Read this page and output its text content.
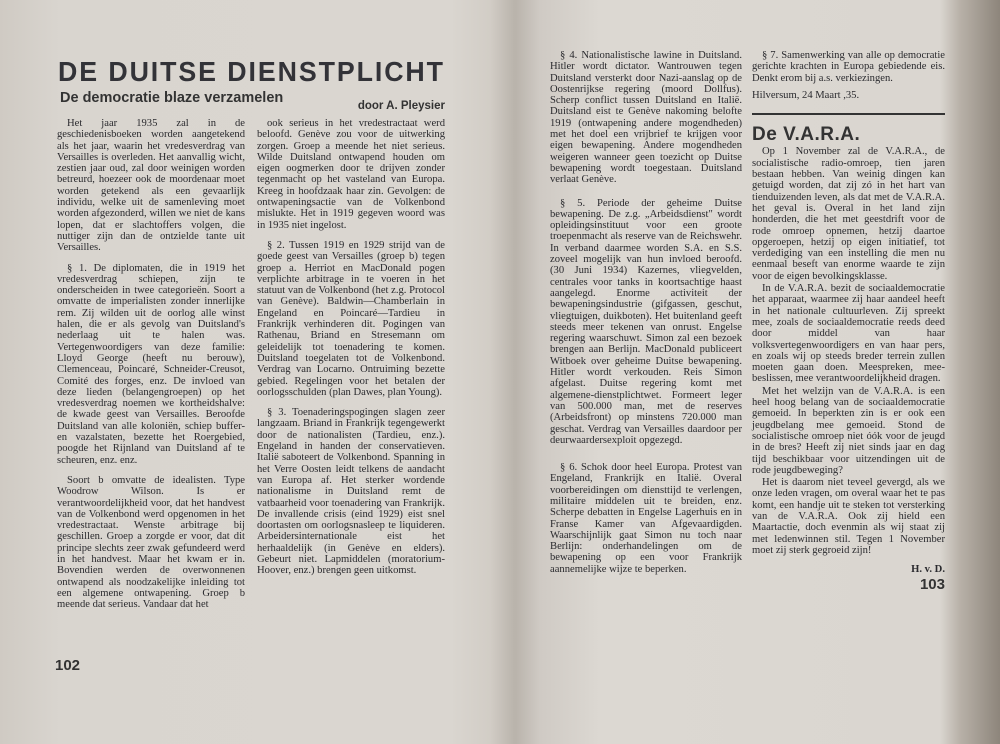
DE DUITSE DIENSTPLICHT
De democratie blaze verzamelen	door A. Pleysier

Het jaar 1935 zal in de geschiedenisboeken worden aangetekend als het jaar, waarin het vredesverdrag van Versailles is overleden. Het aanvallig wicht, zestien jaar oud, zal door weinigen worden betreurd, hoezeer ook de moordenaar moet worden getekend als een gevaarlijk individu, welke uit de samenleving moet worden afgezonderd, willen we niet de kans lopen, dat er slachtoffers volgen, die nuttiger zijn dan de ontzielde tante uit Versailles.

§ 1. De diplomaten, die in 1919 het vredesverdrag schiepen, zijn te onderscheiden in twee categorieën. Soort a omvatte de imperialisten zonder innerlijke rem. Zij wilden uit de oorlog alle winst halen, die er als gevolg van Duitsland's nederlaag uit te halen was. Vertegenwoordigers van deze familie: Lloyd George (heeft nu berouw), Clemenceau, Poincaré, Schneider-Creusot, Comité des forges, enz. De invloed van deze lieden (belangengroepen) op het vredesverdrag noemen we kortheidshalve: de kwade geest van Versailles. Beroofde Duitsland van alle koloniën, schiep buffer- en vazalstaten, bezette het Roergebied, poogde het Rijnland van Duitsland af te scheuren, enz. enz.

Soort b omvatte de idealisten. Type Woodrow Wilson. Is er verantwoordelijkheid voor, dat het handvest van de Volkenbond werd opgenomen in het vredestractaat. Wenste arbitrage bij geschillen. Groep a zorgde er voor, dat dit principe slechts zeer zwak gefundeerd werd in het handvest. Maar het kwam er in. Bovendien werden de overwonnenen ontwapend als noodzakelijke inleiding tot een algemene ontwapening. Groep b meende dat serieus. Vandaar dat het

ook serieus in het vredestractaat werd beloofd. Genève zou voor de uitwerking zorgen. Groep a meende het niet serieus. Wilde Duitsland ontwapend houden om eigen oogmerken door te drijven zonder tegenmacht op het vasteland van Europa. Kreeg in hoofdzaak haar zin. Gevolgen: de ontwapeningsactie van de Volkenbond mislukte. Het in 1919 gegeven woord was in 1935 niet ingelost.

§ 2. Tussen 1919 en 1929 strijd van de goede geest van Versailles (groep b) tegen groep a. Herriot en MacDonald pogen verplichte arbitrage in te voeren in het statuut van de Volkenbond (het z.g. Protocol van Genève). Baldwin—Chamberlain in Engeland en Poincaré—Tardieu in Frankrijk verhinderen dit. Pogingen van Rathenau, Briand en Stresemann om geleidelijk tot toenadering te komen. Duitsland toegelaten tot de Volkenbond. Verdrag van Locarno. Ontruiming bezette gebied. Regelingen voor het betalen der oorlogsschulden (plan Dawes, plan Young).

§ 3. Toenaderingspogingen slagen zeer langzaam. Briand in Frankrijk tegengewerkt door de nationalisten (Tardieu, enz.). Engeland in handen der conservatieven. Italië saboteert de Volkenbond. Spanning in het Verre Oosten leidt telkens de aandacht van Europa af. Het sterker wordende nationalisme in Duitsland remt de vatbaarheid voor toenadering van Frankrijk. De invallende crisis (eind 1929) eist snel doortasten om oorlogsnasleep te liquideren. Arbeidersinternationale eist het herhaaldelijk (in Genève en elders). Gebeurt niet. Lapmiddelen (moratorium-Hoover, enz.) brengen geen uitkomst.

102

§ 4. Nationalistische lawine in Duitsland. Hitler wordt dictator. Wantrouwen tegen Duitsland versterkt door Nazi-aanslag op de Oostenrijkse regering (moord Dollfus). Scherp conflict tussen Duitsland en Italië. Duitsland eist te Genève nakoming belofte 1919 (ontwapening andere mogendheden) met het doel een vrijbrief te krijgen voor eigen bewapening. Andere mogendheden weigeren wanneer geen toezicht op Duitse bewapening wordt toegestaan. Duitsland verlaat Genève.

§ 5. Periode der geheime Duitse bewapening. De z.g. „Arbeidsdienst" wordt opleidingsinstituut voor een groote troepenmacht als reserve van de Reichswehr. In verband daarmee worden S.A. en S.S. zoveel mogelijk van hun invloed beroofd. (30 Juni 1934) Kazernes, vliegvelden, centrales voor tanks in koortsachtige haast aangelegd. Enorme activiteit der bewapeningsindustrie (gifgassen, geschut, vliegtuigen, duikboten). Het buitenland geeft steeds meer tekenen van onrust. Engelse regering waarschuwt. Simon zal een bezoek brengen aan Berlijn. MacDonald publiceert Witboek over geheime Duitse bewapening. Hitler wordt verkouden. Reis Simon afgelast. Duitse regering komt met algemene-dienstplichtwet. Formeert leger van 500.000 man, met de reserves (Arbeidsfront) op minstens 720.000 man geschat. Verdrag van Versailles daardoor per deurwaardersexploit opgezegd.

§ 6. Schok door heel Europa. Protest van Engeland, Frankrijk en Italië. Overal voorbereidingen om diensttijd te verlengen, militaire middelen uit te breiden, enz. Scherpe debatten in Engelse Lagerhuis en in Franse Kamer van Afgevaardigden. Waarschijnlijk gaat Simon nu toch naar Berlijn: onderhandelingen om de bewapening op een voor Frankrijk aannemelijke wijze te beperken.

§ 7. Samenwerking van alle op democratie gerichte krachten in Europa gebiedende eis. Denkt erom bij a.s. verkiezingen.

Hilversum, 24 Maart ,35.
De V.A.R.A.

Op 1 November zal de V.A.R.A., de socialistische radio-omroep, tien jaren bestaan hebben. Van weinig dingen kan getuigd worden, dat zij zó in het hart van tienduizenden leven, als dat met de V.A.R.A. het geval is. Overal in het land zijn honderden, die het met geestdrift voor de rode omroep opnemen, hetzij daartoe opgeroepen, hetzij op eigen initiatief, tot verdediging van een instelling die men nu eenmaal beseft van enorme waarde te zijn voor de eigen bevolkingsklasse.

In de V.A.R.A. bezit de sociaaldemocratie het apparaat, waarmee zij haar aandeel heeft in het nationale cultuurleven. Zij spreekt mee, zoals de sociaaldemocratie reeds deed door middel van haar volksvertegenwoordigers en van haar pers, en zoals wij op steeds breder terrein zullen moeten gaan doen. Meespreken, mee-beslissen, mee verantwoordelijkheid dragen.

Met het welzijn van de V.A.R.A. is een heel hoog belang van de sociaaldemocratie gemoeid. In beperkten zin is er ook een jeugdbelang mee gemoeid. Stond de socialistische omroep niet óók voor de jeugd in de bres? Heeft zij niet sinds jaar en dag tijd beschikbaar voor uitzendingen uit de rode jeugdbeweging?

Het is daarom niet teveel gevergd, als we onze leden vragen, om overal waar het te pas komt, een handje uit te steken tot versterking van de V.A.R.A. Ook zij hield een Maartactie, doch evenmin als wij staat zij met ledenwinnen stil. Tegen 1 November moet zij sterk gegroeid zijn!

H. v. D.
103
